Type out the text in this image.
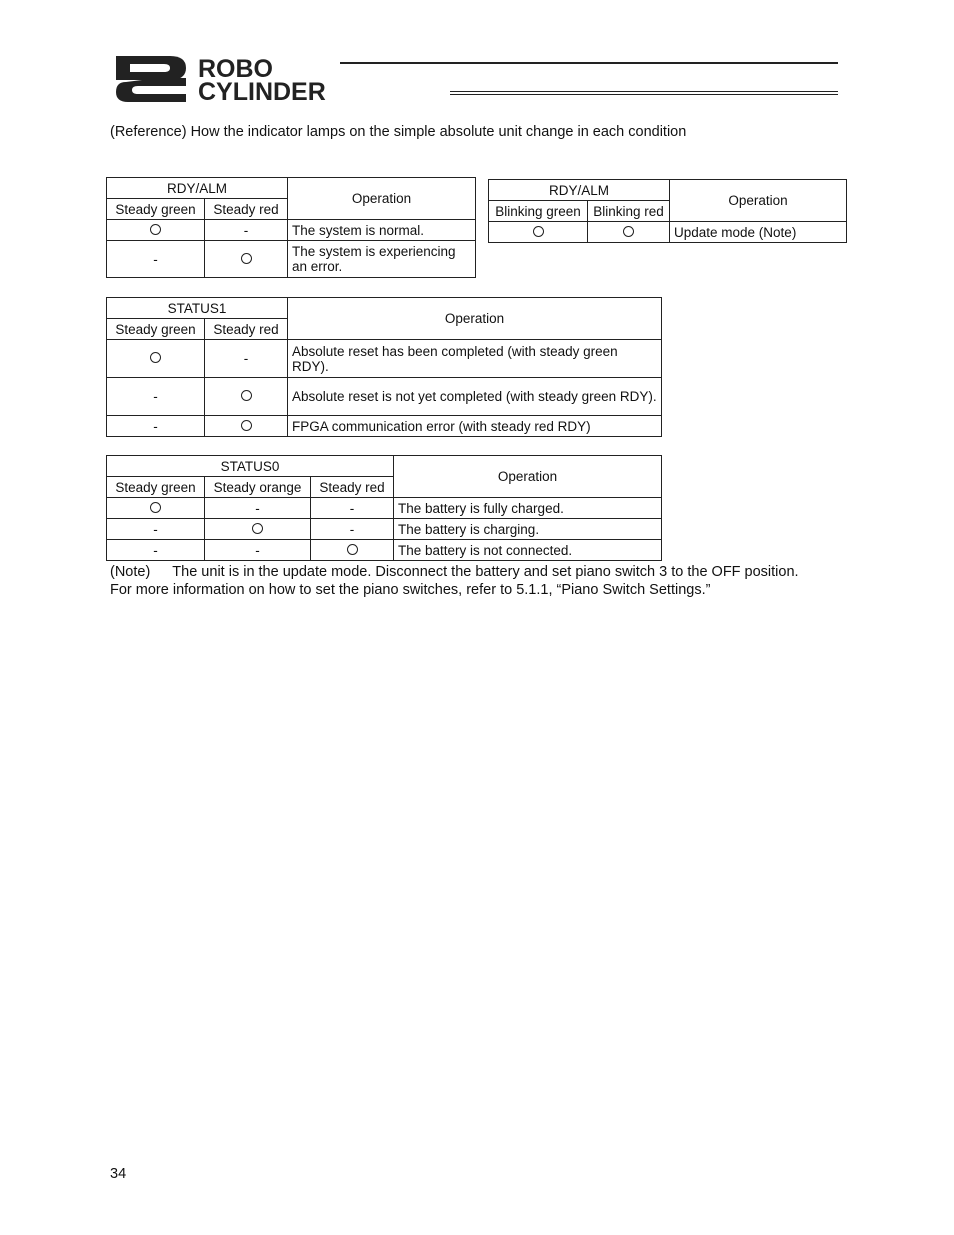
ROBO
CYLINDER
(Reference) How the indicator lamps on the simple absolute unit change in each condition
RDY/ALM		Operation
Steady green	Steady red	
	-	The system is normal.
-		The system is experiencing an error.
RDY/ALM		Operation
Blinking green	Blinking red	
		Update mode (Note)
STATUS1		Operation
Steady green	Steady red	
	-	Absolute reset has been completed (with steady green RDY).
-		Absolute reset is not yet completed (with steady green RDY).
-		FPGA communication error (with steady red RDY)
STATUS0			Operation
Steady green	Steady orange	Steady red	
	-	-	The battery is fully charged.
-		-	The battery is charging.
-	-		The battery is not connected.
(Note) The unit is in the update mode. Disconnect the battery and set piano switch 3 to the OFF position.
For more information on how to set the piano switches, refer to 5.1.1, “Piano Switch Settings.”
34
